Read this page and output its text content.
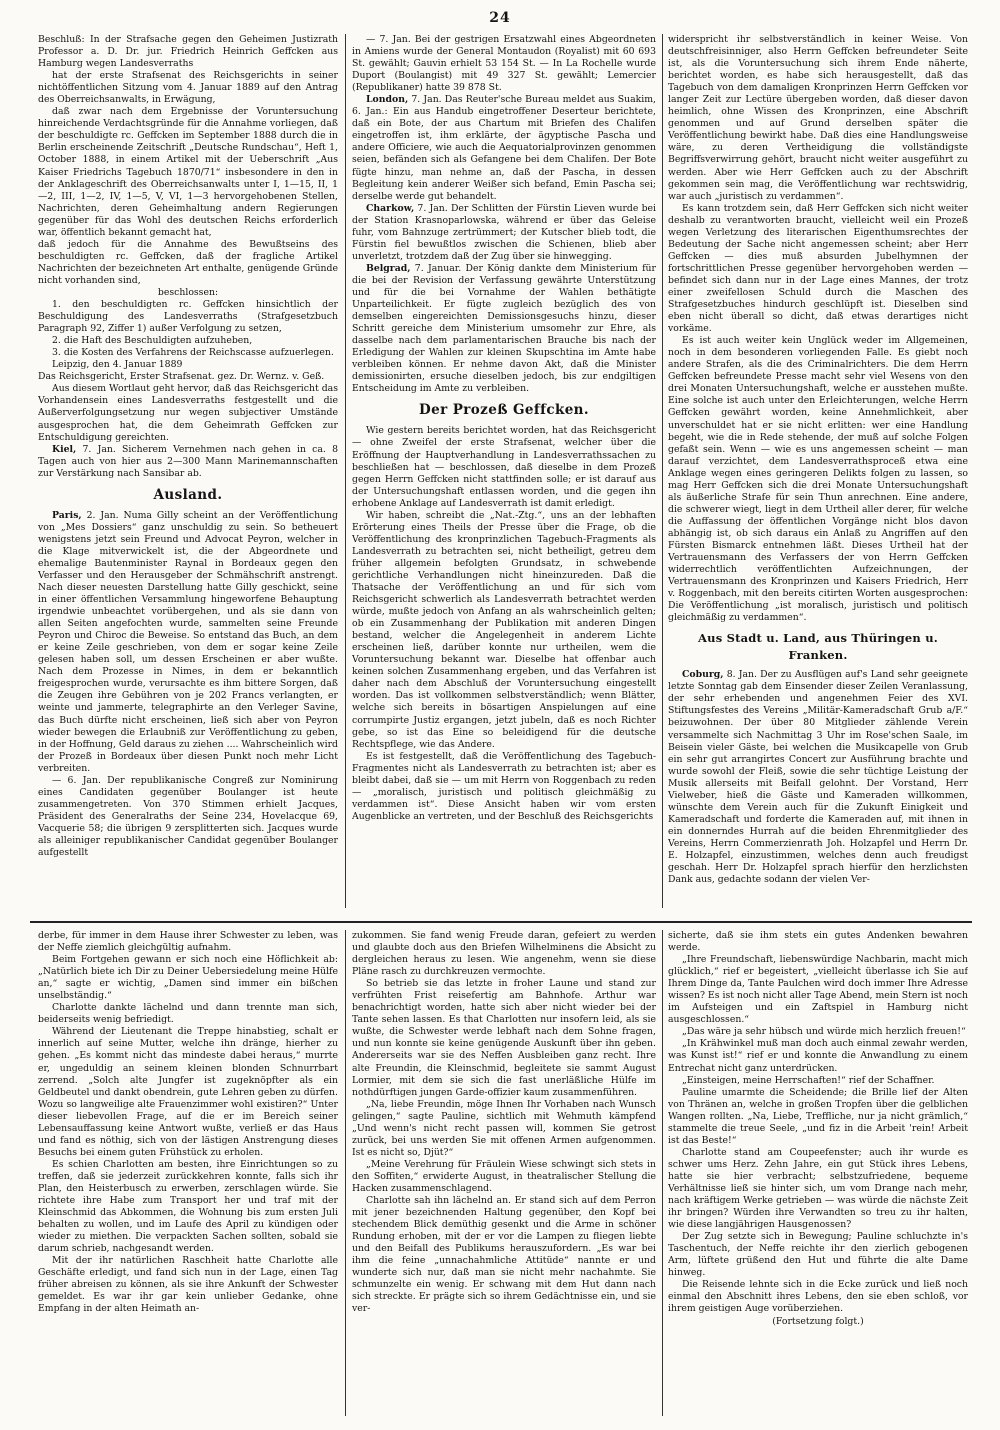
24

Beschluß: In der Strafsache gegen den Geheimen Justizrath Professor a. D. Dr. jur. Friedrich Heinrich Geffcken aus Hamburg wegen Landesverraths

hat der erste Strafsenat des Reichsgerichts in seiner nichtöffentlichen Sitzung vom 4. Januar 1889 auf den Antrag des Oberreichsanwalts, in Erwägung,

daß zwar nach dem Ergebnisse der Voruntersuchung hinreichende Verdachtsgründe für die Annahme vorliegen, daß der beschuldigte rc. Geffcken im September 1888 durch die in Berlin erscheinende Zeitschrift „Deutsche Rundschau“, Heft 1, October 1888, in einem Artikel mit der Ueberschrift „Aus Kaiser Friedrichs Tagebuch 1870/71“ insbesondere in den in der Anklageschrift des Oberreichsanwalts unter I, 1—15, II, 1—2, III, 1—2, IV, 1—5, V, VI, 1—3 hervorgehobenen Stellen, Nachrichten, deren Geheimhaltung andern Regierungen gegenüber für das Wohl des deutschen Reichs erforderlich war, öffentlich bekannt gemacht hat,

daß jedoch für die Annahme des Bewußtseins des beschuldigten rc. Geffcken, daß der fragliche Artikel Nachrichten der bezeichneten Art enthalte, genügende Gründe nicht vorhanden sind,

beschlossen:

1. den beschuldigten rc. Geffcken hinsichtlich der Beschuldigung des Landesverraths (Strafgesetzbuch Paragraph 92, Ziffer 1) außer Verfolgung zu setzen,

2. die Haft des Beschuldigten aufzuheben,

3. die Kosten des Verfahrens der Reichscasse aufzuerlegen.

Leipzig, den 4. Januar 1889

Das Reichsgericht, Erster Strafsenat. gez. Dr. Wernz. v. Geß.

Aus diesem Wortlaut geht hervor, daß das Reichsgericht das Vorhandensein eines Landesverraths festgestellt und die Außerverfolgungsetzung nur wegen subjectiver Umstände ausgesprochen hat, die dem Geheimrath Geffcken zur Entschuldigung gereichten.

Kiel, 7. Jan. Sicherem Vernehmen nach gehen in ca. 8 Tagen auch von hier aus 2—300 Mann Marinemannschaften zur Verstärkung nach Sansibar ab.

Ausland.

Paris, 2. Jan. Numa Gilly scheint an der Veröffentlichung von „Mes Dossiers“ ganz unschuldig zu sein. So betheuert wenigstens jetzt sein Freund und Advocat Peyron, welcher in die Klage mitverwickelt ist, die der Abgeordnete und ehemalige Bautenminister Raynal in Bordeaux gegen den Verfasser und den Herausgeber der Schmähschrift anstrengt. Nach dieser neuesten Darstellung hatte Gilly geschickt, seine in einer öffentlichen Versammlung hingeworfene Behauptung irgendwie unbeachtet vorübergehen, und als sie dann von allen Seiten angefochten wurde, sammelten seine Freunde Peyron und Chiroc die Beweise. So entstand das Buch, an dem er keine Zeile geschrieben, von dem er sogar keine Zeile gelesen haben soll, um dessen Erscheinen er aber wußte. Nach dem Prozesse in Nimes, in dem er bekanntlich freigesprochen wurde, verursachte es ihm bittere Sorgen, daß die Zeugen ihre Gebühren von je 202 Francs verlangten, er weinte und jammerte, telegraphirte an den Verleger Savine, das Buch dürfte nicht erscheinen, ließ sich aber von Peyron wieder bewegen die Erlaubniß zur Veröffentlichung zu geben, in der Hoffnung, Geld daraus zu ziehen .... Wahrscheinlich wird der Prozeß in Bordeaux über diesen Punkt noch mehr Licht verbreiten.

— 6. Jan. Der republikanische Congreß zur Nominirung eines Candidaten gegenüber Boulanger ist heute zusammengetreten. Von 370 Stimmen erhielt Jacques, Präsident des Generalraths der Seine 234, Hovelacque 69, Vacquerie 58; die übrigen 9 zersplitterten sich. Jacques wurde als alleiniger republikanischer Candidat gegenüber Boulanger aufgestellt

— 7. Jan. Bei der gestrigen Ersatzwahl eines Abgeordneten in Amiens wurde der General Montaudon (Royalist) mit 60 693 St. gewählt; Gauvin erhielt 53 154 St. — In La Rochelle wurde Duport (Boulangist) mit 49 327 St. gewählt; Lemercier (Republikaner) hatte 39 878 St.

London, 7. Jan. Das Reuter'sche Bureau meldet aus Suakim, 6. Jan.: Ein aus Handub eingetroffener Deserteur berichtete, daß ein Bote, der aus Chartum mit Briefen des Chalifen eingetroffen ist, ihm erklärte, der ägyptische Pascha und andere Officiere, wie auch die Aequatorialprovinzen genommen seien, befänden sich als Gefangene bei dem Chalifen. Der Bote fügte hinzu, man nehme an, daß der Pascha, in dessen Begleitung kein anderer Weißer sich befand, Emin Pascha sei; derselbe werde gut behandelt.

Charkow, 7. Jan. Der Schlitten der Fürstin Lieven wurde bei der Station Krasnoparlowska, während er über das Geleise fuhr, vom Bahnzuge zertrümmert; der Kutscher blieb todt, die Fürstin fiel bewußtlos zwischen die Schienen, blieb aber unverletzt, trotzdem daß der Zug über sie hinwegging.

Belgrad, 7. Januar. Der König dankte dem Ministerium für die bei der Revision der Verfassung gewährte Unterstützung und für die bei Vornahme der Wahlen bethätigte Unparteilichkeit. Er fügte zugleich bezüglich des von demselben eingereichten Demissionsgesuchs hinzu, dieser Schritt gereiche dem Ministerium umsomehr zur Ehre, als dasselbe nach dem parlamentarischen Brauche bis nach der Erledigung der Wahlen zur kleinen Skupschtina im Amte habe verbleiben können. Er nehme davon Akt, daß die Minister demissionirten, ersuche dieselben jedoch, bis zur endgiltigen Entscheidung im Amte zu verbleiben.

Der Prozeß Geffcken.

Wie gestern bereits berichtet worden, hat das Reichsgericht — ohne Zweifel der erste Strafsenat, welcher über die Eröffnung der Hauptverhandlung in Landesverrathssachen zu beschließen hat — beschlossen, daß dieselbe in dem Prozeß gegen Herrn Geffcken nicht stattfinden solle; er ist darauf aus der Untersuchungshaft entlassen worden, und die gegen ihn erhobene Anklage auf Landesverrath ist damit erledigt.

Wir haben, schreibt die „Nat.-Ztg.“, uns an der lebhaften Erörterung eines Theils der Presse über die Frage, ob die Veröffentlichung des kronprinzlichen Tagebuch-Fragments als Landesverrath zu betrachten sei, nicht betheiligt, getreu dem früher allgemein befolgten Grundsatz, in schwebende gerichtliche Verhandlungen nicht hineinzureden. Daß die Thatsache der Veröffentlichung an und für sich vom Reichsgericht schwerlich als Landesverrath betrachtet werden würde, mußte jedoch von Anfang an als wahrscheinlich gelten; ob ein Zusammenhang der Publikation mit anderen Dingen bestand, welcher die Angelegenheit in anderem Lichte erscheinen ließ, darüber konnte nur urtheilen, wem die Voruntersuchung bekannt war. Dieselbe hat offenbar auch keinen solchen Zusammenhang ergeben, und das Verfahren ist daher nach dem Abschluß der Voruntersuchung eingestellt worden. Das ist vollkommen selbstverständlich; wenn Blätter, welche sich bereits in bösartigen Anspielungen auf eine corrumpirte Justiz ergangen, jetzt jubeln, daß es noch Richter gebe, so ist das Eine so beleidigend für die deutsche Rechtspflege, wie das Andere.

Es ist festgestellt, daß die Veröffentlichung des Tagebuch-Fragmentes nicht als Landesverrath zu betrachten ist; aber es bleibt dabei, daß sie — um mit Herrn von Roggenbach zu reden — „moralisch, juristisch und politisch gleichmäßig zu verdammen ist“. Diese Ansicht haben wir vom ersten Augenblicke an vertreten, und der Beschluß des Reichsgerichts

widerspricht ihr selbstverständlich in keiner Weise. Von deutschfreisinniger, also Herrn Geffcken befreundeter Seite ist, als die Voruntersuchung sich ihrem Ende näherte, berichtet worden, es habe sich herausgestellt, daß das Tagebuch von dem damaligen Kronprinzen Herrn Geffcken vor langer Zeit zur Lectüre übergeben worden, daß dieser davon heimlich, ohne Wissen des Kronprinzen, eine Abschrift genommen und auf Grund derselben später die Veröffentlichung bewirkt habe. Daß dies eine Handlungsweise wäre, zu deren Vertheidigung die vollständigste Begriffsverwirrung gehört, braucht nicht weiter ausgeführt zu werden. Aber wie Herr Geffcken auch zu der Abschrift gekommen sein mag, die Veröffentlichung war rechtswidrig, war auch „juristisch zu verdammen“.

Es kann trotzdem sein, daß Herr Geffcken sich nicht weiter deshalb zu verantworten braucht, vielleicht weil ein Prozeß wegen Verletzung des literarischen Eigenthumsrechtes der Bedeutung der Sache nicht angemessen scheint; aber Herr Geffcken — dies muß absurden Jubelhymnen der fortschrittlichen Presse gegenüber hervorgehoben werden — befindet sich dann nur in der Lage eines Mannes, der trotz einer zweifellosen Schuld durch die Maschen des Strafgesetzbuches hindurch geschlüpft ist. Dieselben sind eben nicht überall so dicht, daß etwas derartiges nicht vorkäme.

Es ist auch weiter kein Unglück weder im Allgemeinen, noch in dem besonderen vorliegenden Falle. Es giebt noch andere Strafen, als die des Criminalrichters. Die dem Herrn Geffcken befreundete Presse macht sehr viel Wesens von den drei Monaten Untersuchungshaft, welche er ausstehen mußte. Eine solche ist auch unter den Erleichterungen, welche Herrn Geffcken gewährt worden, keine Annehmlichkeit, aber unverschuldet hat er sie nicht erlitten: wer eine Handlung begeht, wie die in Rede stehende, der muß auf solche Folgen gefaßt sein. Wenn — wie es uns angemessen scheint — man darauf verzichtet, dem Landesverrathsproceß etwa eine Anklage wegen eines geringeren Delikts folgen zu lassen, so mag Herr Geffcken sich die drei Monate Untersuchungshaft als äußerliche Strafe für sein Thun anrechnen. Eine andere, die schwerer wiegt, liegt in dem Urtheil aller derer, für welche die Auffassung der öffentlichen Vorgänge nicht blos davon abhängig ist, ob sich daraus ein Anlaß zu Angriffen auf den Fürsten Bismarck entnehmen läßt. Dieses Urtheil hat der Vertrauensmann des Verfassers der von Herrn Geffcken widerrechtlich veröffentlichten Aufzeichnungen, der Vertrauensmann des Kronprinzen und Kaisers Friedrich, Herr v. Roggenbach, mit den bereits citirten Worten ausgesprochen: Die Veröffentlichung „ist moralisch, juristisch und politisch gleichmäßig zu verdammen“.

Aus Stadt u. Land, aus Thüringen u. Franken.

Coburg, 8. Jan. Der zu Ausflügen auf's Land sehr geeignete letzte Sonntag gab dem Einsender dieser Zeilen Veranlassung, der sehr erhebenden und angenehmen Feier des XVI. Stiftungsfestes des Vereins „Militär-Kameradschaft Grub a/F.“ beizuwohnen. Der über 80 Mitglieder zählende Verein versammelte sich Nachmittag 3 Uhr im Rose'schen Saale, im Beisein vieler Gäste, bei welchen die Musikcapelle von Grub ein sehr gut arrangirtes Concert zur Ausführung brachte und wurde sowohl der Fleiß, sowie die sehr tüchtige Leistung der Musik allerseits mit Beifall gelohnt. Der Vorstand, Herr Vielweber, hieß die Gäste und Kameraden willkommen, wünschte dem Verein auch für die Zukunft Einigkeit und Kameradschaft und forderte die Kameraden auf, mit ihnen in ein donnerndes Hurrah auf die beiden Ehrenmitglieder des Vereins, Herrn Commerzienrath Joh. Holzapfel und Herrn Dr. E. Holzapfel, einzustimmen, welches denn auch freudigst geschah. Herr Dr. Holzapfel sprach hierfür den herzlichsten Dank aus, gedachte sodann der vielen Ver-

derbe, für immer in dem Hause ihrer Schwester zu leben, was der Neffe ziemlich gleichgültig aufnahm.

Beim Fortgehen gewann er sich noch eine Höflichkeit ab: „Natürlich biete ich Dir zu Deiner Uebersiedelung meine Hülfe an,“ sagte er wichtig, „Damen sind immer ein bißchen unselbständig.“

Charlotte dankte lächelnd und dann trennte man sich, beiderseits wenig befriedigt.

Während der Lieutenant die Treppe hinabstieg, schalt er innerlich auf seine Mutter, welche ihn dränge, hierher zu gehen. „Es kommt nicht das mindeste dabei heraus,“ murrte er, ungeduldig an seinem kleinen blonden Schnurrbart zerrend. „Solch alte Jungfer ist zugeknöpfter als ein Geldbeutel und dankt obendrein, gute Lehren geben zu dürfen. Wozu so langweilige alte Frauenzimmer wohl existiren?“ Unter dieser liebevollen Frage, auf die er im Bereich seiner Lebensauffassung keine Antwort wußte, verließ er das Haus und fand es nöthig, sich von der lästigen Anstrengung dieses Besuchs bei einem guten Frühstück zu erholen.

Es schien Charlotten am besten, ihre Einrichtungen so zu treffen, daß sie jederzeit zurückkehren konnte, falls sich ihr Plan, den Heisterbusch zu erwerben, zerschlagen würde. Sie richtete ihre Habe zum Transport her und traf mit der Kleinschmid das Abkommen, die Wohnung bis zum ersten Juli behalten zu wollen, und im Laufe des April zu kündigen oder wieder zu miethen. Die verpackten Sachen sollten, sobald sie darum schrieb, nachgesandt werden.

Mit der ihr natürlichen Raschheit hatte Charlotte alle Geschäfte erledigt, und fand sich nun in der Lage, einen Tag früher abreisen zu können, als sie ihre Ankunft der Schwester gemeldet. Es war ihr gar kein unlieber Gedanke, ohne Empfang in der alten Heimath an-

zukommen. Sie fand wenig Freude daran, gefeiert zu werden und glaubte doch aus den Briefen Wilhelminens die Absicht zu dergleichen heraus zu lesen. Wie angenehm, wenn sie diese Pläne rasch zu durchkreuzen vermochte.

So betrieb sie das letzte in froher Laune und stand zur verfrühten Frist reisefertig am Bahnhofe. Arthur war benachrichtigt worden, hatte sich aber nicht wieder bei der Tante sehen lassen. Es that Charlotten nur insofern leid, als sie wußte, die Schwester werde lebhaft nach dem Sohne fragen, und nun konnte sie keine genügende Auskunft über ihn geben. Andererseits war sie des Neffen Ausbleiben ganz recht. Ihre alte Freundin, die Kleinschmid, begleitete sie sammt August Lormier, mit dem sie sich die fast unerläßliche Hülfe im nothdürftigen jungen Garde-offizier kaum zusammenführen.

„Na, liebe Freundin, möge Ihnen Ihr Vorhaben nach Wunsch gelingen,“ sagte Pauline, sichtlich mit Wehmuth kämpfend „Und wenn's nicht recht passen will, kommen Sie getrost zurück, bei uns werden Sie mit offenen Armen aufgenommen. Ist es nicht so, Djüt?“

„Meine Verehrung für Fräulein Wiese schwingt sich stets in den Soffiten,“ erwiderte August, in theatralischer Stellung die Hacken zusammenschlagend.

Charlotte sah ihn lächelnd an. Er stand sich auf dem Perron mit jener bezeichnenden Haltung gegenüber, den Kopf bei stechendem Blick demüthig gesenkt und die Arme in schöner Rundung erhoben, mit der er vor die Lampen zu fliegen liebte und den Beifall des Publikums herauszufordern. „Es war bei ihm die feine „unnachahmliche Attitüde“ nannte er und wunderte sich nur, daß man sie nicht mehr nachahmte. Sie schmunzelte ein wenig. Er schwang mit dem Hut dann nach sich streckte. Er prägte sich so ihrem Gedächtnisse ein, und sie ver-

sicherte, daß sie ihm stets ein gutes Andenken bewahren werde.

„Ihre Freundschaft, liebenswürdige Nachbarin, macht mich glücklich,“ rief er begeistert, „vielleicht überlasse ich Sie auf Ihrem Dinge da, Tante Paulchen wird doch immer Ihre Adresse wissen? Es ist noch nicht aller Tage Abend, mein Stern ist noch im Aufsteigen und ein Zaftspiel in Hamburg nicht ausgeschlossen.“

„Das wäre ja sehr hübsch und würde mich herzlich freuen!“

„In Krähwinkel muß man doch auch einmal zewahr werden, was Kunst ist!“ rief er und konnte die Anwandlung zu einem Entrechat nicht ganz unterdrücken.

„Einsteigen, meine Herrschaften!“ rief der Schaffner.

Pauline umarmte die Scheidende; die Brille lief der Alten von Thränen an, welche in großen Tropfen über die gelblichen Wangen rollten. „Na, Liebe, Treffliche, nur ja nicht grämlich,“ stammelte die treue Seele, „und fiz in die Arbeit 'rein! Arbeit ist das Beste!“

Charlotte stand am Coupeefenster; auch ihr wurde es schwer ums Herz. Zehn Jahre, ein gut Stück ihres Lebens, hatte sie hier verbracht; selbstzufriedene, bequeme Verhältnisse ließ sie hinter sich, um vom Drange nach mehr, nach kräftigem Werke getrieben — was würde die nächste Zeit ihr bringen? Würden ihre Verwandten so treu zu ihr halten, wie diese langjährigen Hausgenossen?

Der Zug setzte sich in Bewegung; Pauline schluchzte in's Taschentuch, der Neffe reichte ihr den zierlich gebogenen Arm, lüftete grüßend den Hut und führte die alte Dame hinweg.

Die Reisende lehnte sich in die Ecke zurück und ließ noch einmal den Abschnitt ihres Lebens, den sie eben schloß, vor ihrem geistigen Auge vorüberziehen.

(Fortsetzung folgt.)
